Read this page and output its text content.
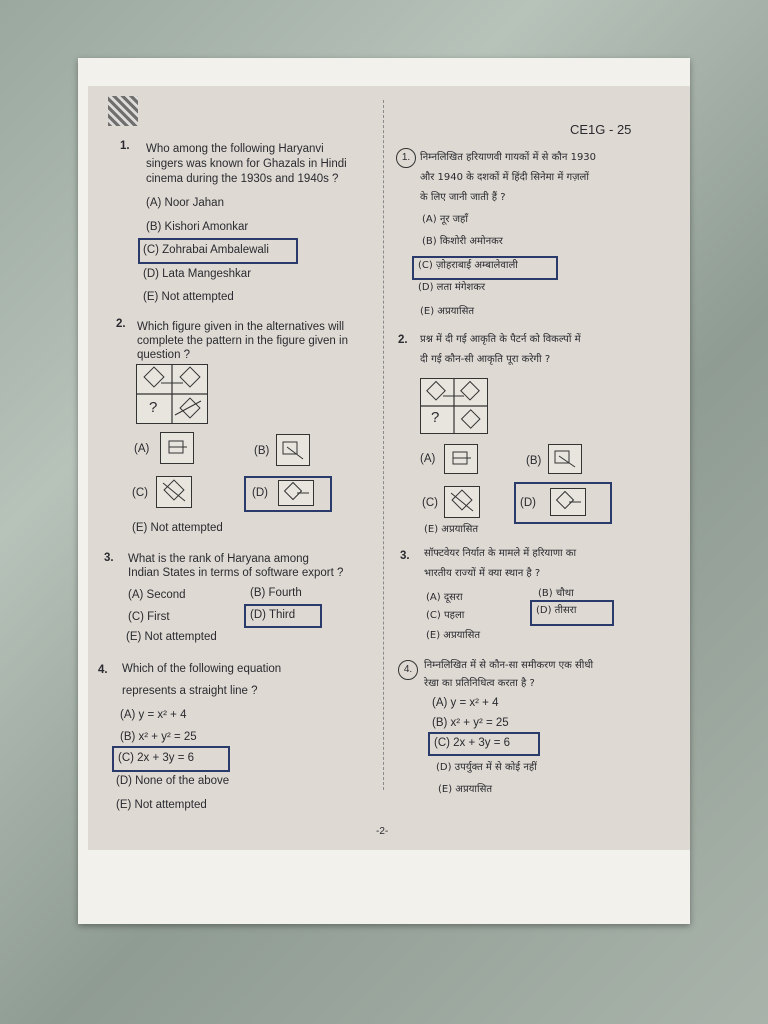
CE1G - 25
1. Who among the following Haryanvi
singers was known for Ghazals in Hindi
cinema during the 1930s and 1940s ?
(A) Noor Jahan
(B) Kishori Amonkar
(C) Zohrabai Ambalewali
(D) Lata Mangeshkar
(E) Not attempted
2. Which figure given in the alternatives will
complete the pattern in the figure given in
question ?
?
(A)	(B)
(C)	(D)
(E) Not attempted
3. What is the rank of Haryana among
Indian States in terms of software export ?
(A) Second	(B) Fourth
(C) First	(D) Third
(E) Not attempted
4. Which of the following equation
represents a straight line ?
(A) y = x² + 4
(B) x² + y² = 25
(C) 2x + 3y = 6
(D) None of the above
(E) Not attempted
1. निम्नलिखित हरियाणवी गायकों में से कौन 1930
और 1940 के दशकों में हिंदी सिनेमा में गज़लों
के लिए जानी जाती हैं ?
(A) नूर जहाँ
(B) किशोरी अमोनकर
(C) ज़ोहराबाई अम्बालेवाली
(D) लता मंगेशकर
(E) अप्रयासित
2. प्रश्न में दी गई आकृति के पैटर्न को विकल्पों में
दी गई कौन-सी आकृति पूरा करेगी ?
?
(A)	(B)
(C)	(D)
(E) अप्रयासित
3. सॉफ्टवेयर निर्यात के मामले में हरियाणा का
भारतीय राज्यों में क्या स्थान है ?
(A) दूसरा	(B) चौथा
(C) पहला	(D) तीसरा
(E) अप्रयासित
4.	निम्नलिखित में से कौन-सा समीकरण एक सीधी
रेखा का प्रतिनिधित्व करता है ?
(A) y = x² + 4
(B) x² + y² = 25
(C) 2x + 3y = 6
(D) उपर्युक्त में से कोई नहीं
(E) अप्रयासित
-2-
